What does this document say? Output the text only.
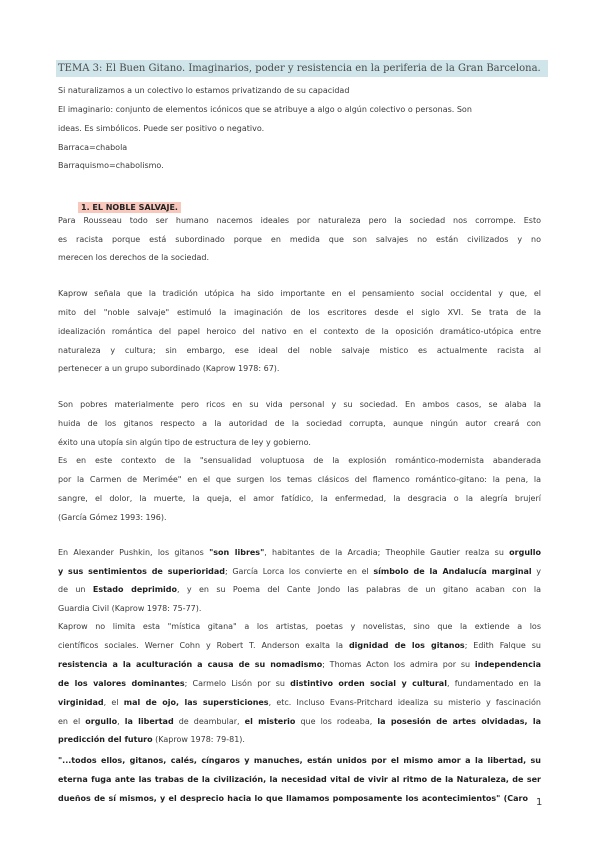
TEMA 3: El Buen Gitano. Imaginarios, poder y resistencia en la periferia de la Gran Barcelona.
Si naturalizamos a un colectivo lo estamos privatizando de su capacidad
El imaginario: conjunto de elementos icónicos que se atribuye a algo o algún colectivo o personas. Son
ideas. Es simbólicos. Puede ser positivo o negativo.
Barraca=chabola
Barraquismo=chabolismo.
1. EL NOBLE SALVAJE.
Para Rousseau todo ser humano nacemos ideales por naturaleza pero la sociedad nos corrompe. Esto
es racista porque está subordinado porque en medida que son salvajes no están civilizados y no
merecen los derechos de la sociedad.
Kaprow señala que la tradición utópica ha sido importante en el pensamiento social occidental y que, el
mito del "noble salvaje" estimuló la imaginación de los escritores desde el siglo XVI. Se trata de la
idealización romántica del papel heroico del nativo en el contexto de la oposición dramático-utópica entre
naturaleza y cultura; sin embargo, ese ideal del noble salvaje mistico es actualmente racista al
pertenecer a un grupo subordinado (Kaprow 1978: 67).
Son pobres materialmente pero ricos en su vida personal y su sociedad. En ambos casos, se alaba la
huida de los gitanos respecto a la autoridad de la sociedad corrupta, aunque ningún autor creará con
éxito una utopía sin algún tipo de estructura de ley y gobierno.
Es en este contexto de la "sensualidad voluptuosa de la explosión romántico-modernista abanderada
por la Carmen de Merimée" en el que surgen los temas clásicos del flamenco romántico-gitano: la pena, la
sangre, el dolor, la muerte, la queja, el amor fatídico, la enfermedad, la desgracia o la alegría brujerí
(García Gómez 1993: 196).
En Alexander Pushkin, los gitanos "son libres", habitantes de la Arcadia; Theophile Gautier realza su orgullo
y sus sentimientos de superioridad; García Lorca los convierte en el símbolo de la Andalucía marginal y
de un Estado deprimido, y en su Poema del Cante Jondo las palabras de un gitano acaban con la
Guardia Civil (Kaprow 1978: 75-77).
Kaprow no limita esta "mística gitana" a los artistas, poetas y novelistas, sino que la extiende a los
científicos sociales. Werner Cohn y Robert T. Anderson exalta la dignidad de los gitanos; Edith Falque su
resistencia a la aculturación a causa de su nomadismo; Thomas Acton los admira por su independencia
de los valores dominantes; Carmelo Lisón por su distintivo orden social y cultural, fundamentado en la
virginidad, el mal de ojo, las supersticiones, etc. Incluso Evans-Pritchard idealiza su misterio y fascinación
en el orgullo, la libertad de deambular, el misterio que los rodeaba, la posesión de artes olvidadas, la
predicción del futuro (Kaprow 1978: 79-81).
"...todos ellos, gitanos, calés, cíngaros y manuches, están unidos por el mismo amor a la libertad, su
eterna fuga ante las trabas de la civilización, la necesidad vital de vivir al ritmo de la Naturaleza, de ser
dueños de sí mismos, y el desprecio hacia lo que llamamos pomposamente los acontecimientos" (Caro 1
